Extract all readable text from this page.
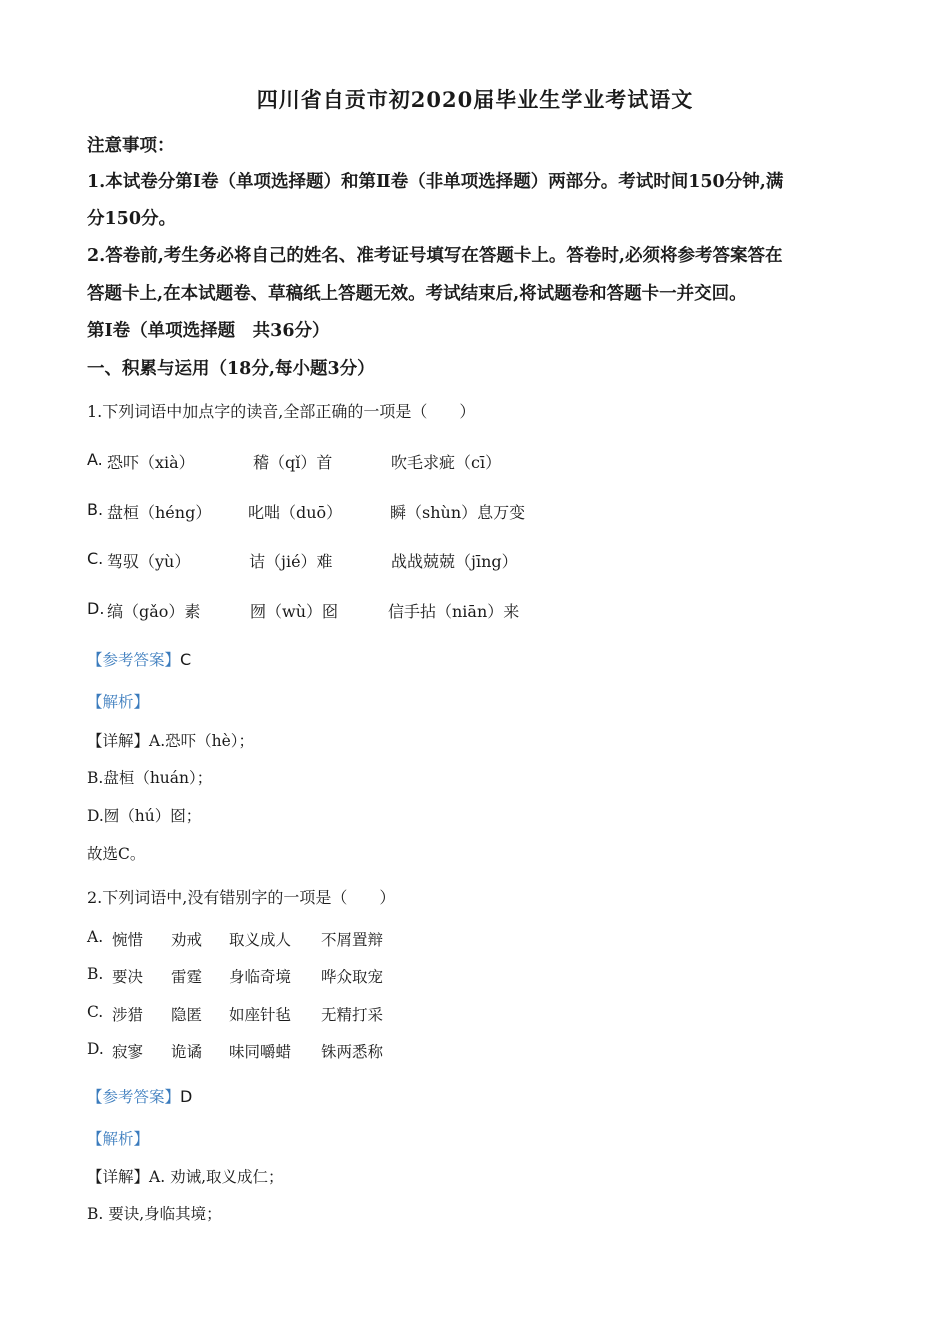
四川省自贡市初2020届毕业生学业考试语文
注意事项：
1.本试卷分第Ⅰ卷（单项选择题）和第Ⅱ卷（非单项选择题）两部分。考试时间150分钟,满
分150分。
2.答卷前,考生务必将自己的姓名、准考证号填写在答题卡上。答卷时,必须将参考答案答在
答题卡上,在本试题卷、草稿纸上答题无效。考试结束后,将试题卷和答题卡一并交回。
第Ⅰ卷（单项选择题　共36分）
一、积累与运用（18分,每小题3分）
1.下列词语中加点字的读音,全部正确的一项是（　　）
A. 恐吓（xià）	稽（qǐ）首	吹毛求疵（cī）
B. 盘桓（héng） 叱咄（duō）	瞬（shùn）息万变
C. 驾驭（yù）	诘（jié）难	战战兢兢（jīng）
D. 缟（gǎo）素	囫（wù）囵	信手拈（niān）来
【参考答案】C
【解析】
【详解】A.恐吓（hè）；
B.盘桓（huán）；
D.囫（hú）囵；
故选C。
2.下列词语中,没有错别字的一项是（　　）
A. 惋惜 劝戒 取义成人 不屑置辩
B. 要决 雷霆 身临奇境 哗众取宠
C. 涉猎 隐匿 如座针毡 无精打采
D. 寂寥 诡谲 味同嚼蜡 铢两悉称
【参考答案】D
【解析】
【详解】A. 劝诫,取义成仁；
B. 要诀,身临其境；
